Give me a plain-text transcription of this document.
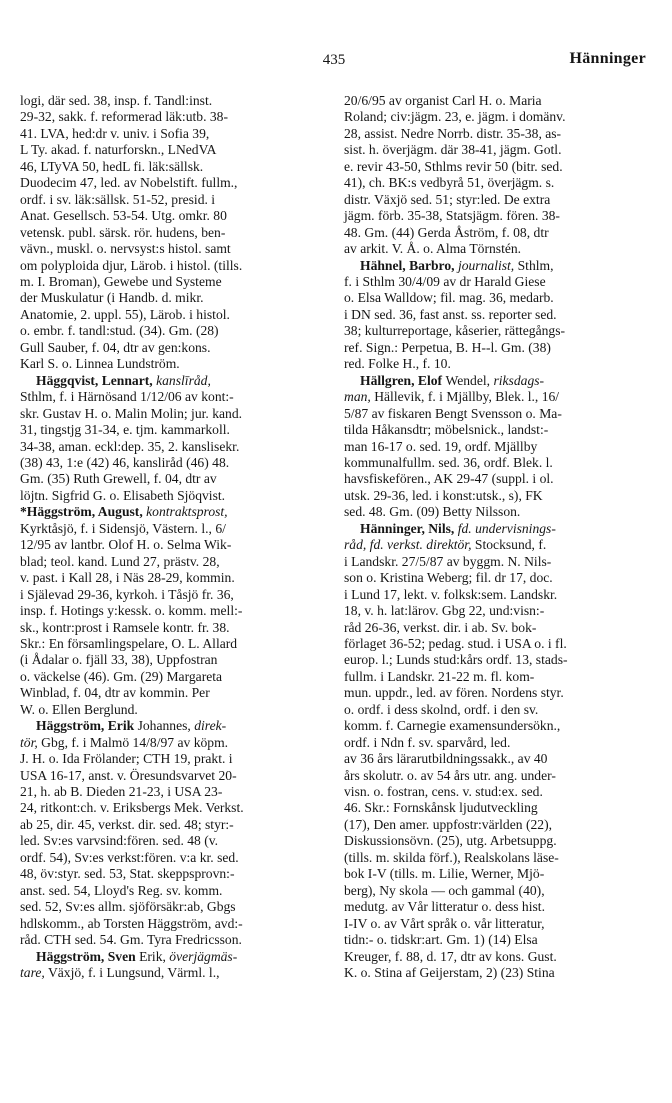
435	Hänninger
logi, där sed. 38, insp. f. Tandl:inst.
29-32, sakk. f. reformerad läk:utb. 38-
41. LVA, hed:dr v. univ. i Sofia 39,
L Ty. akad. f. naturforskn., LNedVA
46, LTyVA 50, hedL fi. läk:sällsk.
Duodecim 47, led. av Nobelstift. fullm.,
ordf. i sv. läk:sällsk. 51-52, presid. i
Anat. Gesellsch. 53-54. Utg. omkr. 80
vetensk. publ. särsk. rör. hudens, ben-
vävn., muskl. o. nervsyst:s histol. samt
om polyploida djur, Lärob. i histol. (tills.
m. I. Broman), Gewebe und Systeme
der Muskulatur (i Handb. d. mikr.
Anatomie, 2. uppl. 55), Lärob. i histol.
o. embr. f. tandl:stud. (34). Gm. (28)
Gull Sauber, f. 04, dtr av gen:kons.
Karl S. o. Linnea Lundström.
Häggqvist, Lennart, kanslīråd,
Sthlm, f. i Härnösand 1/12/06 av kont:-
skr. Gustav H. o. Malin Molin; jur. kand.
31, tingstjg 31-34, e. tjm. kammarkoll.
34-38, aman. eckl:dep. 35, 2. kanslisekr.
(38) 43, 1:e (42) 46, kansliråd (46) 48.
Gm. (35) Ruth Grewell, f. 04, dtr av
löjtn. Sigfrid G. o. Elisabeth Sjöqvist.
*Häggström, August, kontraktsprost,
Kyrktåsjö, f. i Sidensjö, Västern. l., 6/
12/95 av lantbr. Olof H. o. Selma Wik-
blad; teol. kand. Lund 27, prästv. 28,
v. past. i Kall 28, i Näs 28-29, kommin.
i Själevad 29-36, kyrkoh. i Tåsjö fr. 36,
insp. f. Hotings y:kessk. o. komm. mell:-
sk., kontr:prost i Ramsele kontr. fr. 38.
Skr.: En församlingspelare, O. L. Allard
(i Ådalar o. fjäll 33, 38), Uppfostran
o. väckelse (46). Gm. (29) Margareta
Winblad, f. 04, dtr av kommin. Per
W. o. Ellen Berglund.
Häggström, Erik Johannes, direk-
tör, Gbg, f. i Malmö 14/8/97 av köpm.
J. H. o. Ida Frölander; CTH 19, prakt. i
USA 16-17, anst. v. Öresundsvarvet 20-
21, h. ab B. Dieden 21-23, i USA 23-
24, ritkont:ch. v. Eriksbergs Mek. Verkst.
ab 25, dir. 45, verkst. dir. sed. 48; styr:-
led. Sv:es varvsind:fören. sed. 48 (v.
ordf. 54), Sv:es verkst:fören. v:a kr. sed.
48, öv:styr. sed. 53, Stat. skeppsprovn:-
anst. sed. 54, Lloyd's Reg. sv. komm.
sed. 52, Sv:es allm. sjöförsäkr:ab, Gbgs
hdlskomm., ab Torsten Häggström, avd:-
råd. CTH sed. 54. Gm. Tyra Fredricsson.
Häggström, Sven Erik, överjägmäs-
tare, Växjö, f. i Lungsund, Värml. l.,
20/6/95 av organist Carl H. o. Maria
Roland; civ:jägm. 23, e. jägm. i domänv.
28, assist. Nedre Norrb. distr. 35-38, as-
sist. h. överjägm. där 38-41, jägm. Gotl.
e. revir 43-50, Sthlms revir 50 (bitr. sed.
41), ch. BK:s vedbyrå 51, överjägm. s.
distr. Växjö sed. 51; styr:led. De extra
jägm. förb. 35-38, Statsjägm. fören. 38-
48. Gm. (44) Gerda Åström, f. 08, dtr
av arkit. V. Å. o. Alma Törnstén.
Hähnel, Barbro, journalist, Sthlm,
f. i Sthlm 30/4/09 av dr Harald Giese
o. Elsa Walldow; fil. mag. 36, medarb.
i DN sed. 36, fast anst. ss. reporter sed.
38; kulturreportage, kåserier, rättegångs-
ref. Sign.: Perpetua, B. H--l. Gm. (38)
red. Folke H., f. 10.
Hällgren, Elof Wendel, riksdags-
man, Hällevik, f. i Mjällby, Blek. l., 16/
5/87 av fiskaren Bengt Svensson o. Ma-
tilda Håkansdtr; möbelsnick., landst:-
man 16-17 o. sed. 19, ordf. Mjällby
kommunalfullm. sed. 36, ordf. Blek. l.
havsfiskefören., AK 29-47 (suppl. i ol.
utsk. 29-36, led. i konst:utsk., s), FK
sed. 48. Gm. (09) Betty Nilsson.
Hänninger, Nils, fd. undervisnings-
råd, fd. verkst. direktör, Stocksund, f.
i Landskr. 27/5/87 av byggm. N. Nils-
son o. Kristina Weberg; fil. dr 17, doc.
i Lund 17, lekt. v. folksk:sem. Landskr.
18, v. h. lat:lärov. Gbg 22, und:visn:-
råd 26-36, verkst. dir. i ab. Sv. bok-
förlaget 36-52; pedag. stud. i USA o. i fl.
europ. l.; Lunds stud:kårs ordf. 13, stads-
fullm. i Landskr. 21-22 m. fl. kom-
mun. uppdr., led. av fören. Nordens styr.
o. ordf. i dess skolnd, ordf. i den sv.
komm. f. Carnegie examensundersökn.,
ordf. i Ndn f. sv. sparvård, led.
av 36 års lärarutbildningssakk., av 40
års skolutr. o. av 54 års utr. ang. under-
visn. o. fostran, cens. v. stud:ex. sed.
46. Skr.: Fornskånsk ljudutveckling
(17), Den amer. uppfostr:världen (22),
Diskussionsövn. (25), utg. Arbetsuppg.
(tills. m. skilda förf.), Realskolans läse-
bok I-V (tills. m. Lilie, Werner, Mjö-
berg), Ny skola — och gammal (40),
medutg. av Vår litteratur o. dess hist.
I-IV o. av Vårt språk o. vår litteratur,
tidn:- o. tidskr:art. Gm. 1) (14) Elsa
Kreuger, f. 88, d. 17, dtr av kons. Gust.
K. o. Stina af Geijerstam, 2) (23) Stina
